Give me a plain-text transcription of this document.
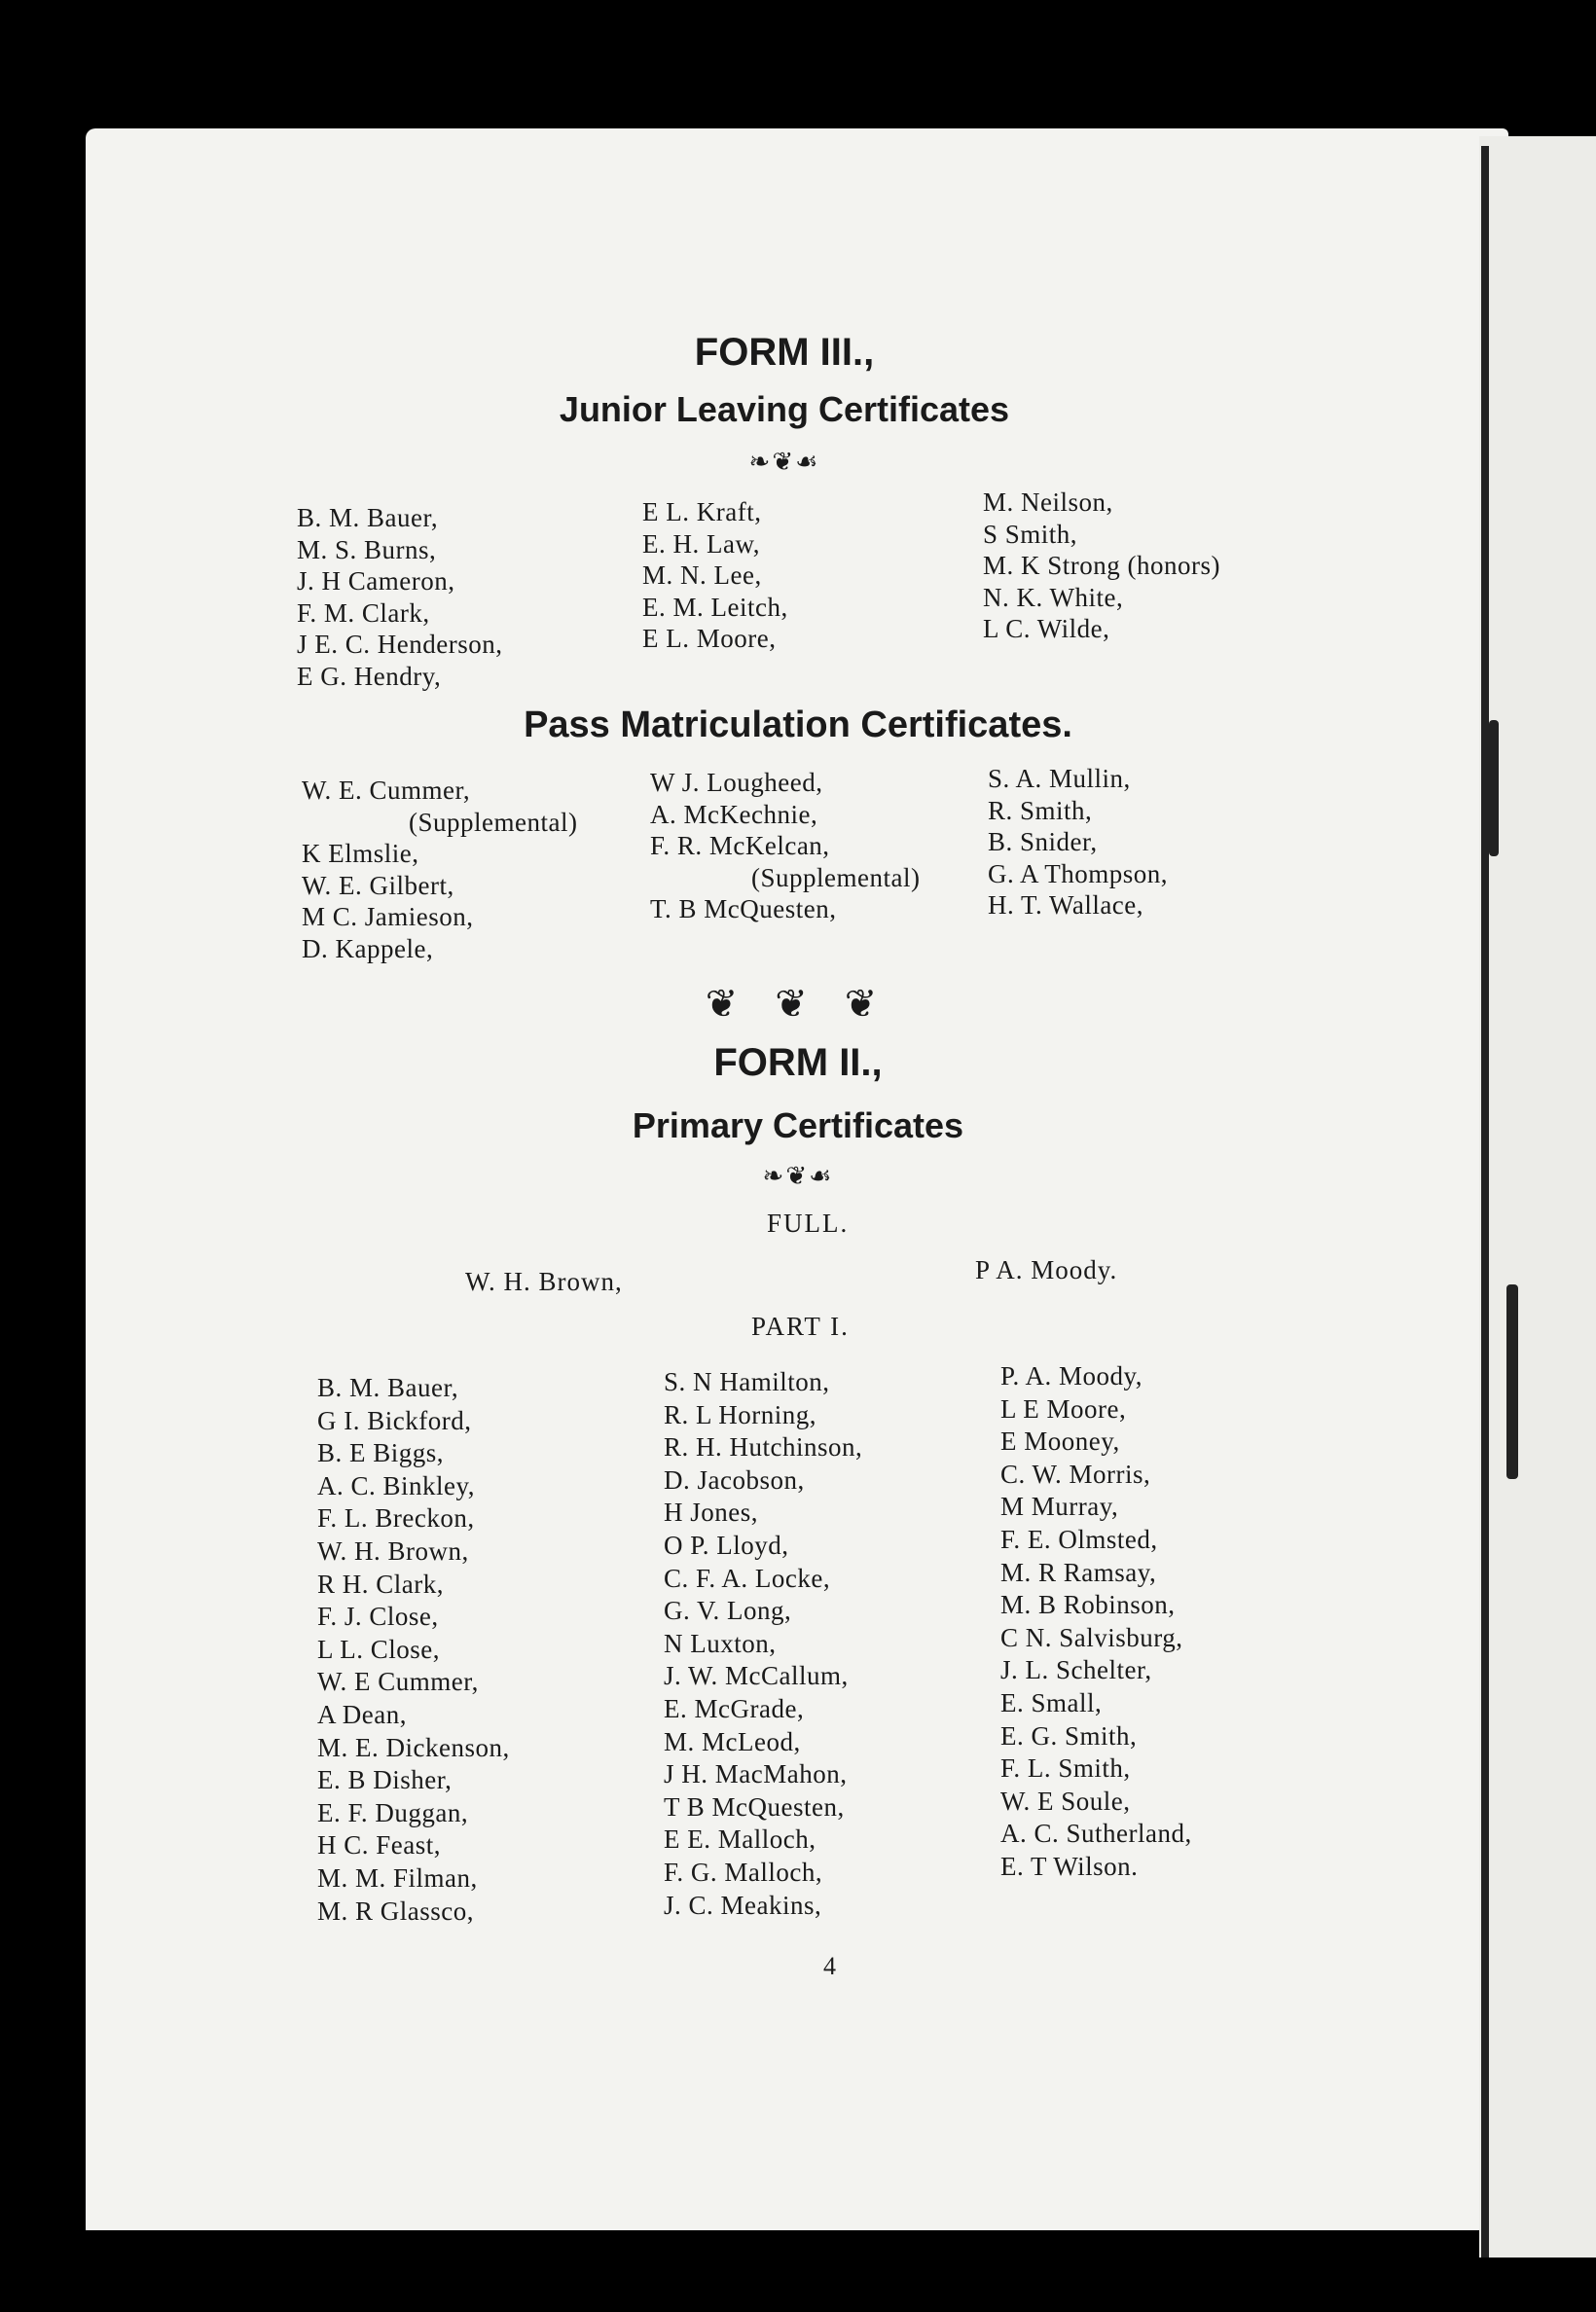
FORM III.,
Junior Leaving Certificates
❧❦☙
B. M. Bauer,
M. S. Burns,
J. H Cameron,
F. M. Clark,
J E. C. Henderson,
E G. Hendry,
E L. Kraft,
E. H. Law,
M. N. Lee,
E. M. Leitch,
E L. Moore,
M. Neilson,
S Smith,
M. K Strong (honors)
N. K. White,
L C. Wilde,
Pass Matriculation Certificates.
W. E. Cummer,
(Supplemental)
K Elmslie,
W. E. Gilbert,
M C. Jamieson,
D. Kappele,
W J. Lougheed,
A. McKechnie,
F. R. McKelcan,
(Supplemental)
T. B McQuesten,
S. A. Mullin,
R. Smith,
B. Snider,
G. A Thompson,
H. T. Wallace,
❦ ❦ ❦
FORM II.,
Primary Certificates
❧❦☙
FULL.
W. H. Brown,	P A. Moody.
PART I.
B. M. Bauer,
G I. Bickford,
B. E Biggs,
A. C. Binkley,
F. L. Breckon,
W. H. Brown,
R H. Clark,
F. J. Close,
L L. Close,
W. E Cummer,
A Dean,
M. E. Dickenson,
E. B Disher,
E. F. Duggan,
H C. Feast,
M. M. Filman,
M. R Glassco,
S. N Hamilton,
R. L Horning,
R. H. Hutchinson,
D. Jacobson,
H Jones,
O P. Lloyd,
C. F. A. Locke,
G. V. Long,
N Luxton,
J. W. McCallum,
E. McGrade,
M. McLeod,
J H. MacMahon,
T B McQuesten,
E E. Malloch,
F. G. Malloch,
J. C. Meakins,
P. A. Moody,
L E Moore,
E Mooney,
C. W. Morris,
M Murray,
F. E. Olmsted,
M. R Ramsay,
M. B Robinson,
C N. Salvisburg,
J. L. Schelter,
E. Small,
E. G. Smith,
F. L. Smith,
W. E Soule,
A. C. Sutherland,
E. T Wilson.
4
